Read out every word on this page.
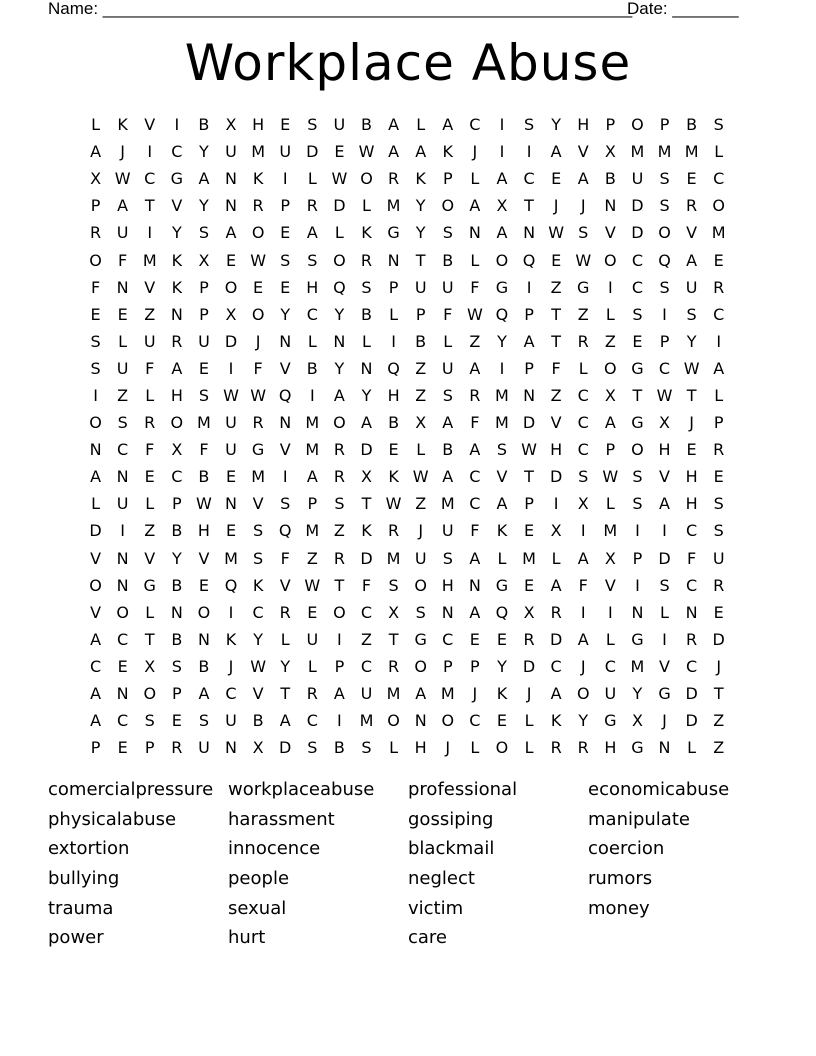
Name: ________________________________________________________
Date: _______
Workplace Abuse
L	K	V	I	B	X H	E	S	U B	A	L	A	C	I	S	Y	H	P O P	B	S
A	J	I	C	Y	U M U D E W A	A	K	J	I	I	A	V	X M M M L
X W C G A N K	I	L W O R	K	P	L	A	C	E	A	B U	S	E	C
P	A	T	V	Y	N R	P	R D	L M Y O A	X	T	J	J	N D S	R O
R U	I	Y	S	A O E	A	L	K G	Y	S	N A N W S	V D O V M
O	F M K	X	E W S	S O R N	T	B	L	O Q E W O C Q A	E
F	N V	K	P O E	E	H Q S	P	U U	F	G	I	Z G	I	C	S	U R
E	E	Z N	P	X O Y	C	Y	B	L	P	F W Q P	T	Z	L	S	I	S	C
S	L	U R U D	J	N	L	N	L	I	B	L	Z	Y	A	T	R	Z	E	P	Y	I
S	U	F	A	E	I	F	V	B	Y	N Q Z U A	I	P	F	L	O G C W A
I	Z	L	H	S W W Q	I	A	Y	H Z	S	R M N Z	C	X	T W T	L
O S	R O M U R N M O A	B	X	A	F M D V	C	A G X	J	P
N C	F	X	F	U G V M R D E	L	B	A	S W H C	P O H	E	R
A N	E	C	B	E M	I	A	R	X	K W A	C	V	T	D S W S	V H	E
L	U	L	P W N V	S	P	S	T W Z M C	A	P	I	X	L	S	A H	S
D	I	Z	B H	E	S Q M Z	K	R	J	U	F	K	E	X	I	M	I	I	C	S
V N V	Y	V M S	F	Z	R D M U	S	A	L M L	A	X	P	D	F	U
O N G B	E Q K	V W T	F	S O H N G E	A	F	V	I	S	C R
V O	L	N O	I	C R	E O C	X	S	N A Q X	R	I	I	N	L	N	E
A	C	T	B N K	Y	L	U	I	Z	T	G C	E	E	R D A	L	G	I	R D
C	E	X	S	B	J	W Y	L	P	C R O P	P	Y	D C	J	C M V	C	J
A N O P	A	C	V	T	R	A U M A M	J	K	J	A O U	Y	G D	T
A	C	S	E	S	U B	A	C	I	M O N O C	E	L	K	Y	G X	J	D Z
P	E	P	R U N X D S	B	S	L	H	J	L	O	L	R R H G N	L	Z
comercialpressure workplaceabuse	professional	economicabuse
physicalabuse	harassment	gossiping	manipulate
extortion	innocence	blackmail	coercion
bullying	people	neglect	rumors
trauma	sexual	victim	money
power	hurt	care
